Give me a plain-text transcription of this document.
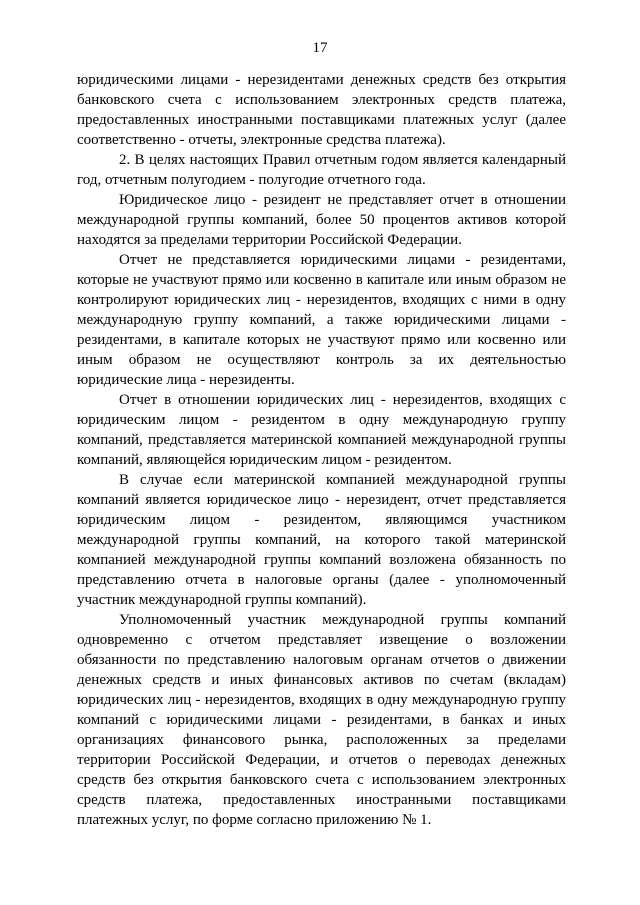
17

юридическими лицами - нерезидентами денежных средств без открытия банковского счета с использованием электронных средств платежа, предоставленных иностранными поставщиками платежных услуг (далее соответственно - отчеты, электронные средства платежа).

2. В целях настоящих Правил отчетным годом является календарный год, отчетным полугодием - полугодие отчетного года.

Юридическое лицо - резидент не представляет отчет в отношении международной группы компаний, более 50 процентов активов которой находятся за пределами территории Российской Федерации.

Отчет не представляется юридическими лицами - резидентами, которые не участвуют прямо или косвенно в капитале или иным образом не контролируют юридических лиц - нерезидентов, входящих с ними в одну международную группу компаний, а также юридическими лицами - резидентами, в капитале которых не участвуют прямо или косвенно или иным образом не осуществляют контроль за их деятельностью юридические лица - нерезиденты.

Отчет в отношении юридических лиц - нерезидентов, входящих с юридическим лицом - резидентом в одну международную группу компаний, представляется материнской компанией международной группы компаний, являющейся юридическим лицом - резидентом.

В случае если материнской компанией международной группы компаний является юридическое лицо - нерезидент, отчет представляется юридическим лицом - резидентом, являющимся участником международной группы компаний, на которого такой материнской компанией международной группы компаний возложена обязанность по представлению отчета в налоговые органы (далее - уполномоченный участник международной группы компаний).

Уполномоченный участник международной группы компаний одновременно с отчетом представляет извещение о возложении обязанности по представлению налоговым органам отчетов о движении денежных средств и иных финансовых активов по счетам (вкладам) юридических лиц - нерезидентов, входящих в одну международную группу компаний с юридическими лицами - резидентами, в банках и иных организациях финансового рынка, расположенных за пределами территории Российской Федерации, и отчетов о переводах денежных средств без открытия банковского счета с использованием электронных средств платежа, предоставленных иностранными поставщиками платежных услуг, по форме согласно приложению № 1.
